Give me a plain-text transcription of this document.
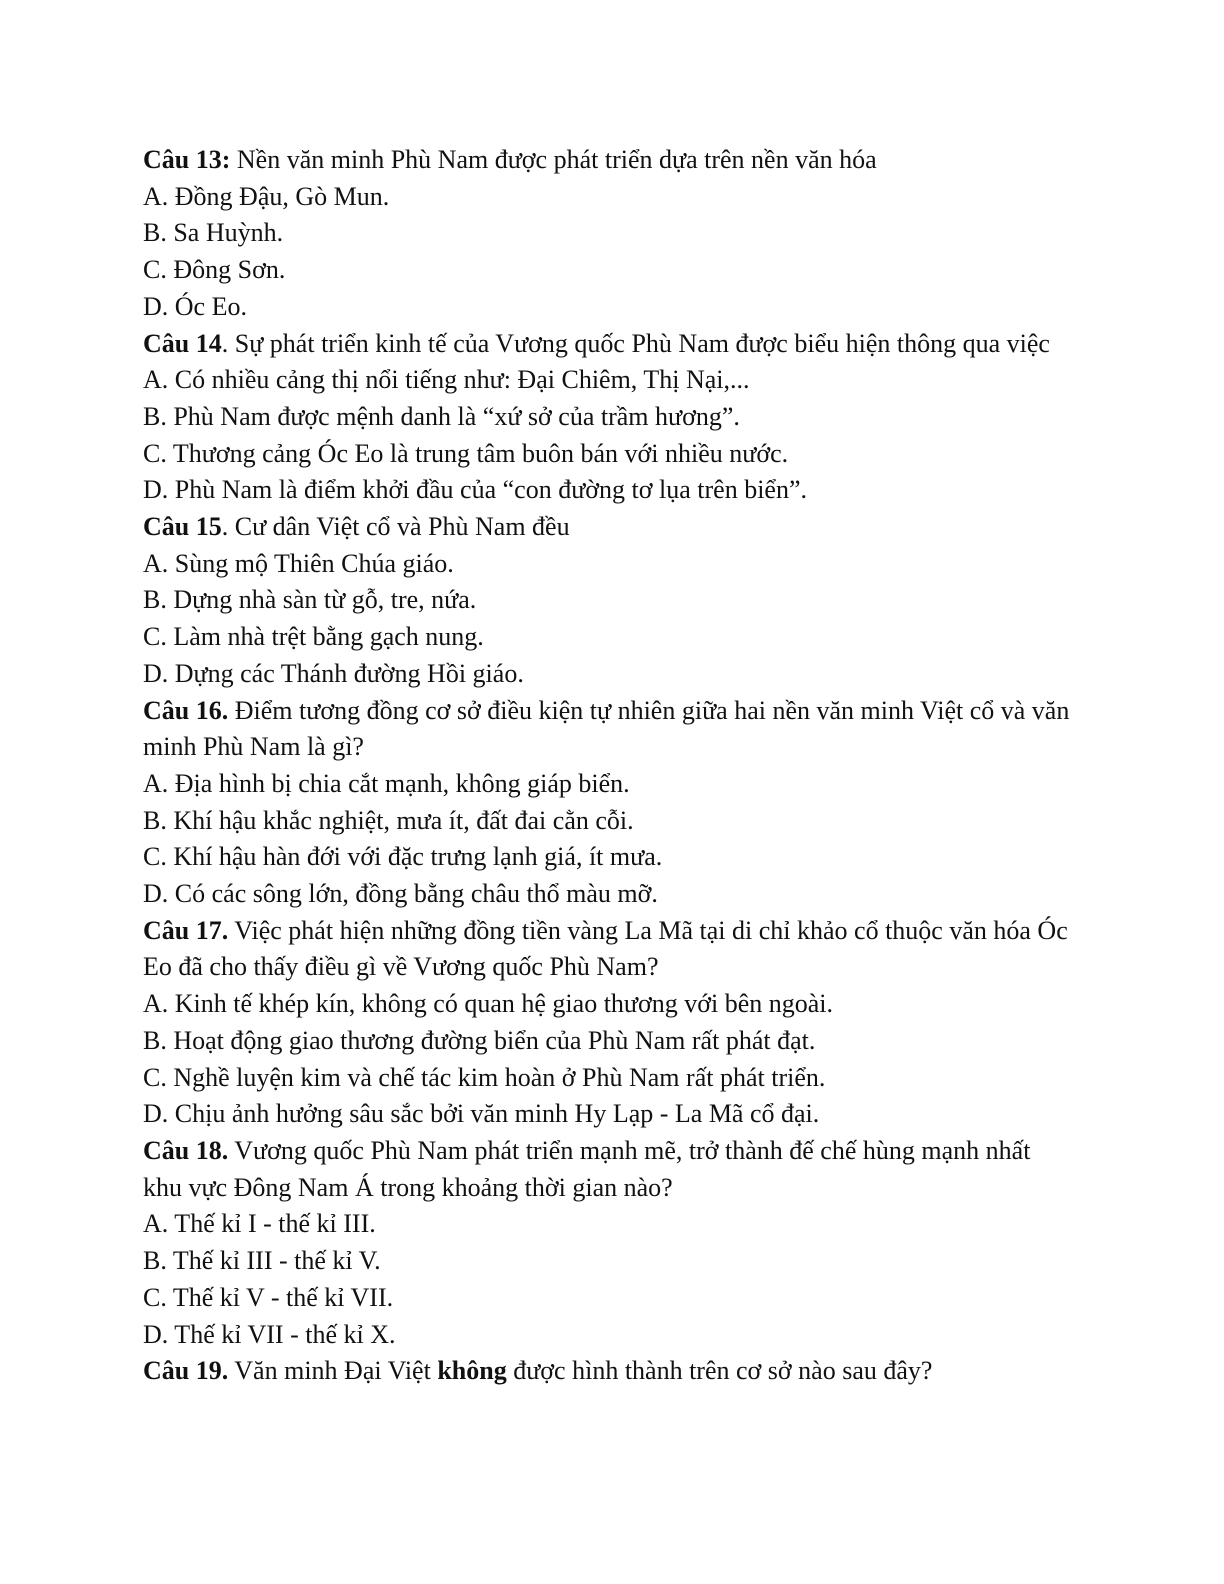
Câu 13: Nền văn minh Phù Nam được phát triển dựa trên nền văn hóa

A. Đồng Đậu, Gò Mun.

B. Sa Huỳnh.

C. Đông Sơn.

D. Óc Eo.

Câu 14. Sự phát triển kinh tế của Vương quốc Phù Nam được biểu hiện thông qua việc

A. Có nhiều cảng thị nổi tiếng như: Đại Chiêm, Thị Nại,...

B. Phù Nam được mệnh danh là “xứ sở của trầm hương”.

C. Thương cảng Óc Eo là trung tâm buôn bán với nhiều nước.

D. Phù Nam là điểm khởi đầu của “con đường tơ lụa trên biển”.

Câu 15. Cư dân Việt cổ và Phù Nam đều

A. Sùng mộ Thiên Chúa giáo.

B. Dựng nhà sàn từ gỗ, tre, nứa.

C. Làm nhà trệt bằng gạch nung.

D. Dựng các Thánh đường Hồi giáo.

Câu 16. Điểm tương đồng cơ sở điều kiện tự nhiên giữa hai nền văn minh Việt cổ và văn minh Phù Nam là gì?

A. Địa hình bị chia cắt mạnh, không giáp biển.

B. Khí hậu khắc nghiệt, mưa ít, đất đai cằn cỗi.

C. Khí hậu hàn đới với đặc trưng lạnh giá, ít mưa.

D. Có các sông lớn, đồng bằng châu thổ màu mỡ.

Câu 17. Việc phát hiện những đồng tiền vàng La Mã tại di chỉ khảo cổ thuộc văn hóa Óc Eo đã cho thấy điều gì về Vương quốc Phù Nam?

A. Kinh tế khép kín, không có quan hệ giao thương với bên ngoài.

B. Hoạt động giao thương đường biển của Phù Nam rất phát đạt.

C. Nghề luyện kim và chế tác kim hoàn ở Phù Nam rất phát triển.

D. Chịu ảnh hưởng sâu sắc bởi văn minh Hy Lạp - La Mã cổ đại.

Câu 18. Vương quốc Phù Nam phát triển mạnh mẽ, trở thành đế chế hùng mạnh nhất khu vực Đông Nam Á trong khoảng thời gian nào?

A. Thế kỉ I - thế kỉ III.

B. Thế kỉ III - thế kỉ V.

C. Thế kỉ V - thế kỉ VII.

D. Thế kỉ VII - thế kỉ X.

Câu 19. Văn minh Đại Việt không được hình thành trên cơ sở nào sau đây?
